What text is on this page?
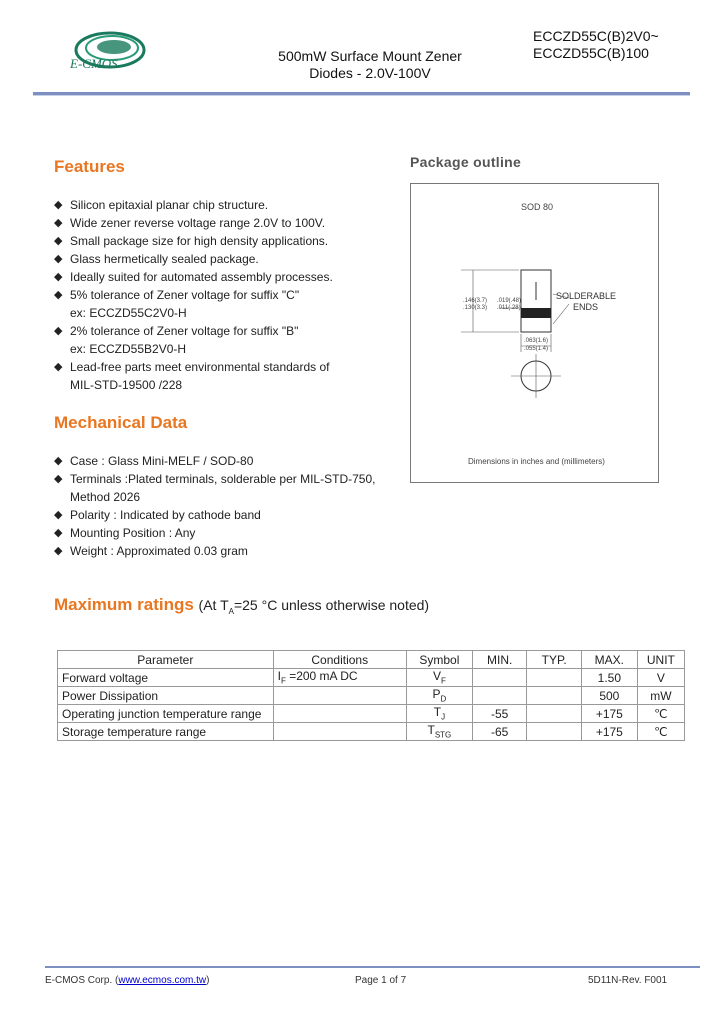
E-CMOS	500mW Surface Mount Zener
Diodes - 2.0V-100V
ECCZD55C(B)2V0~
ECCZD55C(B)100
Features
◆ Silicon epitaxial planar chip structure.
◆ Wide zener reverse voltage range 2.0V to 100V.
◆ Small package size for high density applications.
◆ Glass hermetically sealed package.
◆ Ideally suited for automated assembly processes.
◆ 5% tolerance of Zener voltage for suffix "C"
ex: ECCZD55C2V0-H
◆ 2% tolerance of Zener voltage for suffix "B"
ex: ECCZD55B2V0-H
◆ Lead-free parts meet environmental standards of
MIL-STD-19500 /228
Mechanical Data
◆ Case : Glass Mini-MELF / SOD-80
◆ Terminals :Plated terminals, solderable per MIL-STD-750,
Method 2026
◆ Polarity : Indicated by cathode band
◆ Mounting Position : Any
◆ Weight : Approximated 0.03 gram
Package outline
SOD 80
.146(3.7)
.130(3.3)
.019(.48)
.011(.28)
SOLDERABLE
ENDS
.063(1.6)
.055(1.4)
Dimensions in inches and (millimeters)
Maximum ratings (At $T_A=25$ °C unless otherwise noted)
Parameter	Conditions	Symbol	MIN.	TYP.	MAX.	UNIT
Forward voltage	$I_F =200$ mA DC	$V_F$			1.50	V
Power Dissipation		$P_D$			500	mW
Operating junction temperature range		$T_J$	-55		+175	℃
Storage temperature range		$T_{STG}$	-65		+175	℃
E-CMOS Corp. (www.ecmos.com.tw)	Page 1 of 7	5D11N-Rev. F001
